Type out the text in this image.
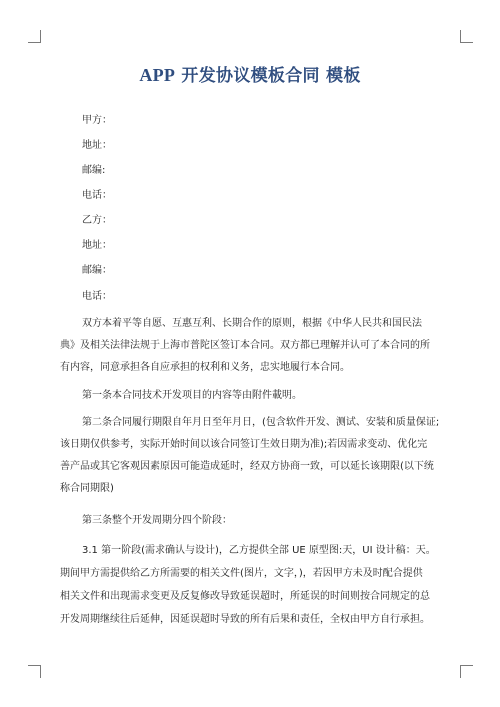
APP 开发协议模板合同 模板
甲方：
地址：
邮编:
电话：
乙方：
地址：
邮编：
电话：
双方本着平等自愿、互惠互利、长期合作的原则，根据《中华人民共和国民法
典》及相关法律法规于上海市普陀区签订本合同。双方都已理解并认可了本合同的所
有内容，同意承担各自应承担的权利和义务，忠实地履行本合同。
第一条本合同技术开发项目的内容等由附件載明。
第二条合同履行期限自年月日至年月日，(包含软件开发、测试、安装和质量保证;
该日期仅供参考，实际开始时间以该合同签订生效日期为准);若因需求变动、优化完
善产品或其它客观因素原因可能造成延时，经双方协商一致，可以延长该期限(以下统
称合同期限)
第三条整个开发周期分四个阶段：
3.1 第一阶段(需求确认与设计)，乙方提供全部 UE 原型图:天，UI 设计稿：天。
期间甲方需提供给乙方所需要的相关文件(图片，文字，)，若因甲方未及时配合提供
相关文件和出现需求变更及反复修改导致延误超时，所延误的时间则按合同规定的总
开发周期继续往后延伸，因延误超时导致的所有后果和责任，全权由甲方自行承担。
